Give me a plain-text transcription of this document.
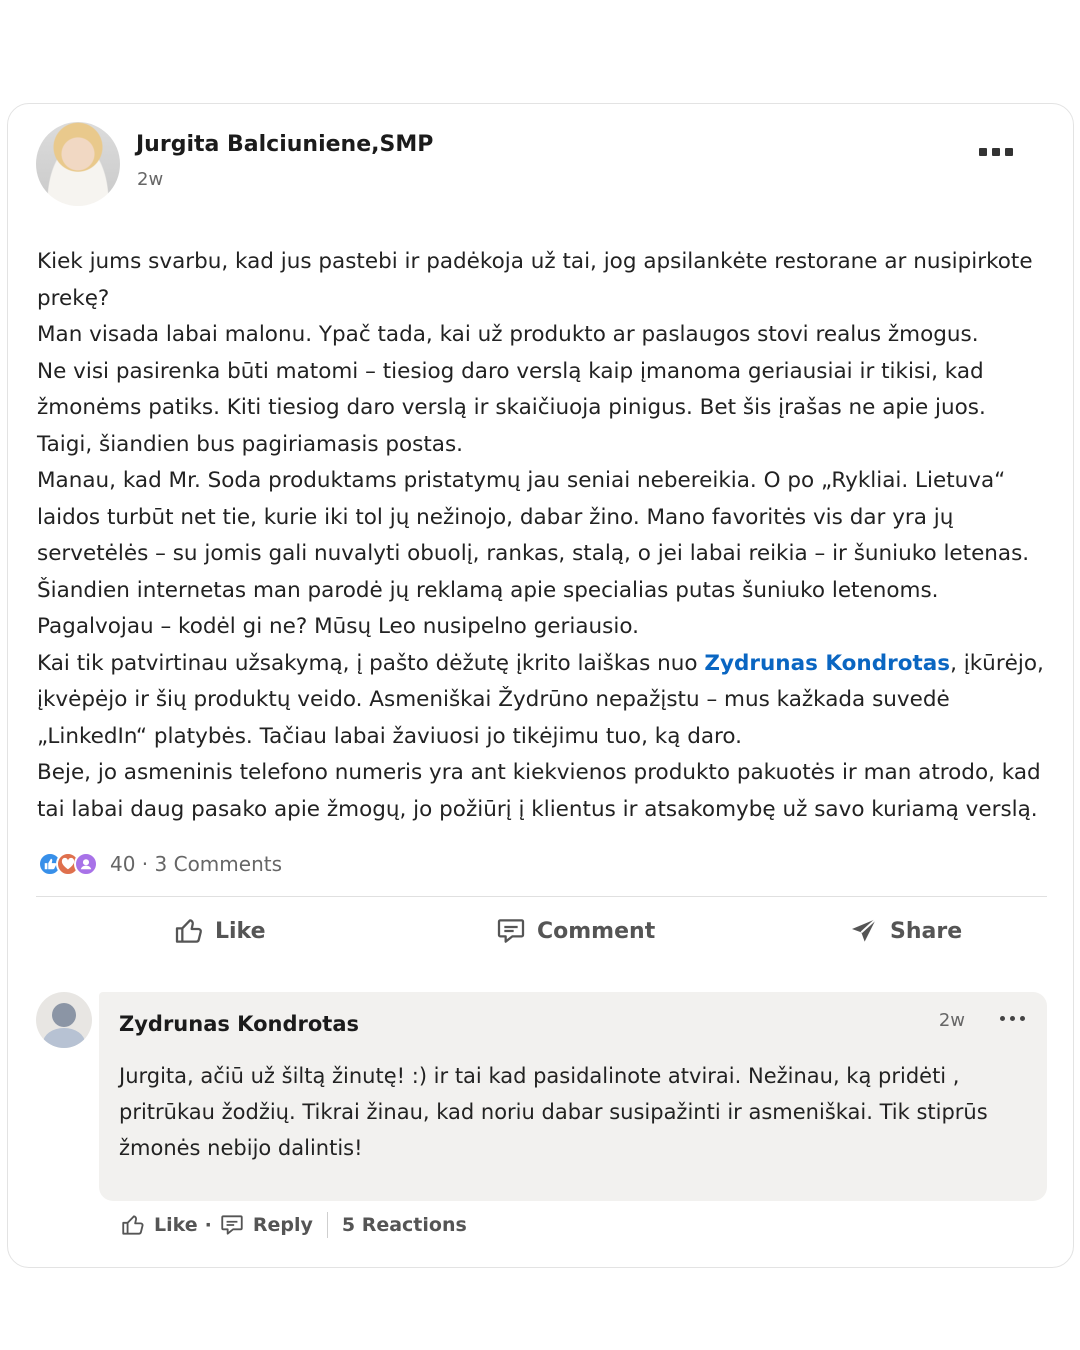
Jurgita Balciuniene,SMP
2w

Kiek jums svarbu, kad jus pastebi ir padėkoja už tai, jog apsilankėte restorane ar nusipirkote prekę?

Man visada labai malonu. Ypač tada, kai už produkto ar paslaugos stovi realus žmogus.

Ne visi pasirenka būti matomi – tiesiog daro verslą kaip įmanoma geriausiai ir tikisi, kad žmonėms patiks. Kiti tiesiog daro verslą ir skaičiuoja pinigus. Bet šis įrašas ne apie juos.

Taigi, šiandien bus pagiriamasis postas.

Manau, kad Mr. Soda produktams pristatymų jau seniai nebereikia. O po „Rykliai. Lietuva“ laidos turbūt net tie, kurie iki tol jų nežinojo, dabar žino. Mano favoritės vis dar yra jų servetėlės – su jomis gali nuvalyti obuolį, rankas, stalą, o jei labai reikia – ir šuniuko letenas.

Šiandien internetas man parodė jų reklamą apie specialias putas šuniuko letenoms. Pagalvojau – kodėl gi ne? Mūsų Leo nusipelno geriausio.

Kai tik patvirtinau užsakymą, į pašto dėžutę įkrito laiškas nuo Zydrunas Kondrotas, įkūrėjo, įkvėpėjo ir šių produktų veido. Asmeniškai Žydrūno nepažįstu – mus kažkada suvedė „LinkedIn“ platybės. Tačiau labai žaviuosi jo tikėjimu tuo, ką daro.

Beje, jo asmeninis telefono numeris yra ant kiekvienos produkto pakuotės ir man atrodo, kad tai labai daug pasako apie žmogų, jo požiūrį į klientus ir atsakomybę už savo kuriamą verslą.

40 · 3 Comments
Like	Comment	Share
Zydrunas Kondrotas	2w
Jurgita, ačiū už šiltą žinutę! :) ir tai kad pasidalinote atvirai. Nežinau, ką pridėti , pritrūkau žodžių. Tikrai žinau, kad noriu dabar susipažinti ir asmeniškai. Tik stiprūs žmonės nebijo dalintis!
Like · Reply 5 Reactions
